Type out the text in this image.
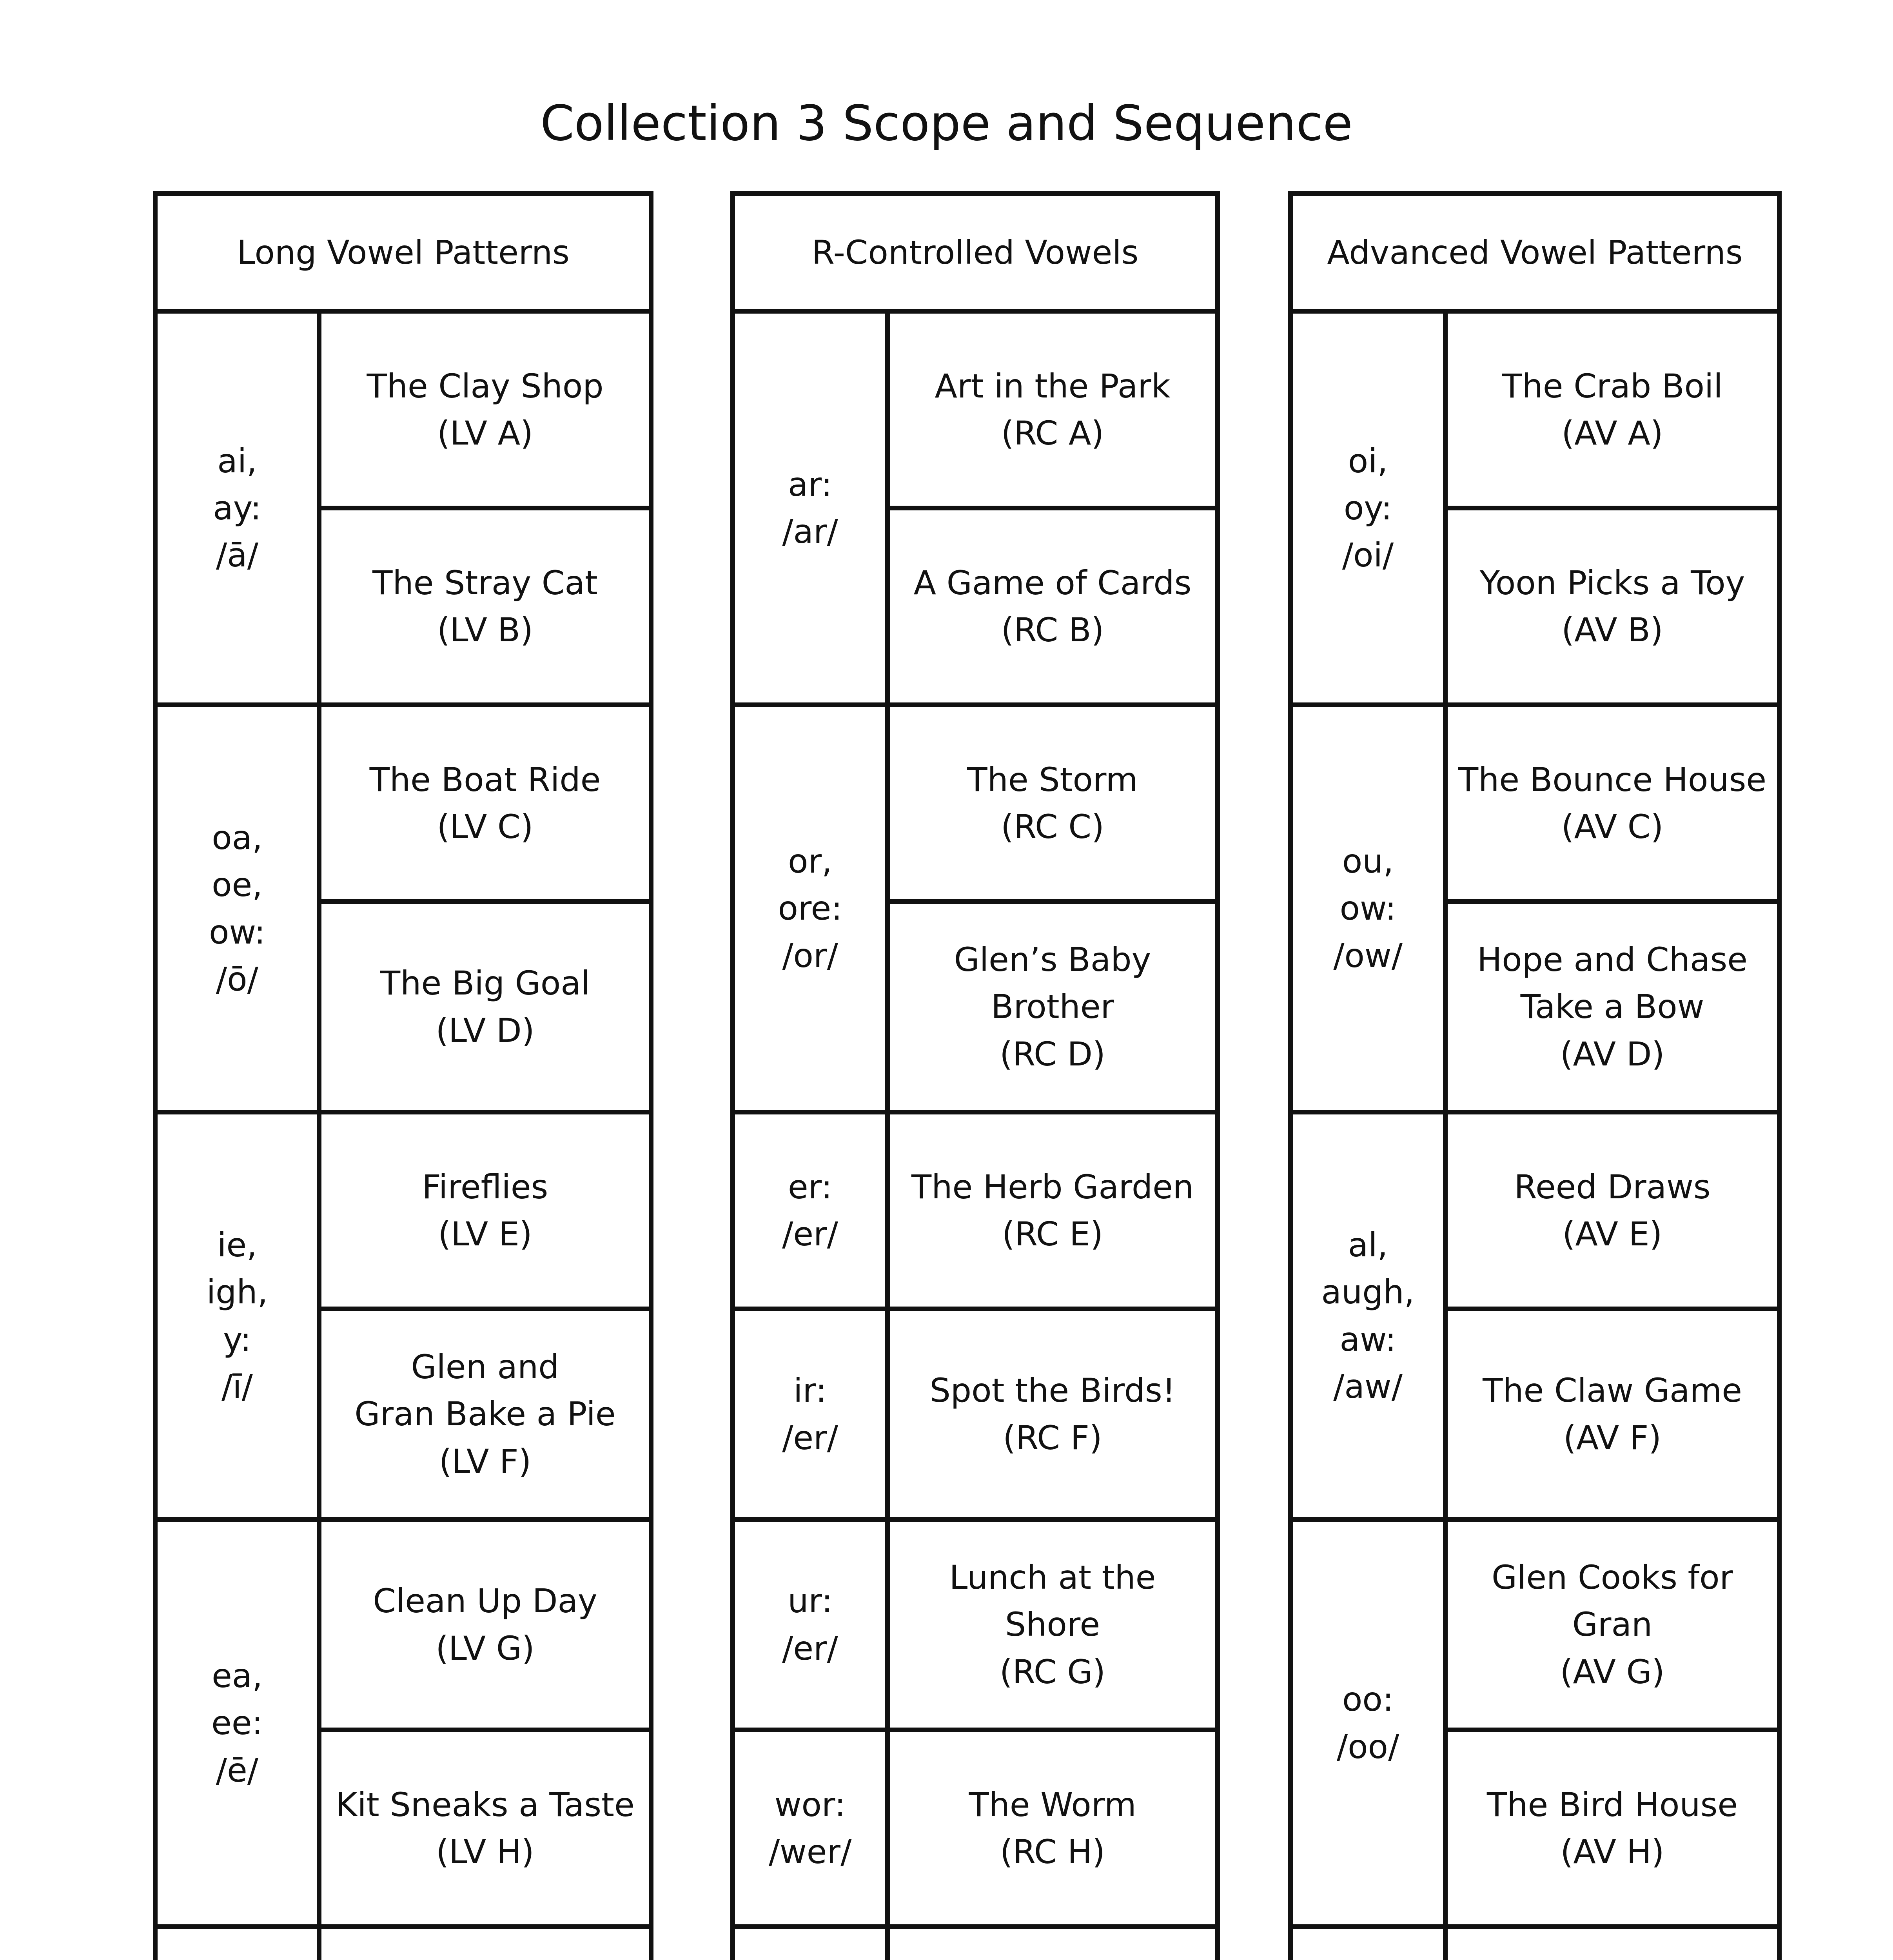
Collection 3 Scope and Sequence
Long Vowel Patterns
The Clay Shop
(LV A)
The Stray Cat
(LV B)
ai,
ay:
/ā/
The Boat Ride
(LV C)
The Big Goal
(LV D)
oa,
oe,
ow:
/ō/
Fireflies
(LV E)
Glen and
Gran Bake a Pie
(LV F)
ie,
igh,
y:
/ī/
Clean Up Day
(LV G)
Kit Sneaks a Taste
(LV H)
ea,
ee:
/ē/
R-Controlled Vowels
Art in the Park
(RC A)
A Game of Cards
(RC B)
ar:
/ar/
The Storm
(RC C)
Glen’s Baby
Brother
(RC D)
or,
ore:
/or/
The Herb Garden
(RC E)
er:
/er/
Spot the Birds!
(RC F)
ir:
/er/
Lunch at the
Shore
(RC G)
ur:
/er/
The Worm
(RC H)
wor:
/wer/
Advanced Vowel Patterns
The Crab Boil
(AV A)
Yoon Picks a Toy
(AV B)
oi,
oy:
/oi/
The Bounce House
(AV C)
Hope and Chase
Take a Bow
(AV D)
ou,
ow:
/ow/
Reed Draws
(AV E)
The Claw Game
(AV F)
al,
augh,
aw:
/aw/
Glen Cooks for
Gran
(AV G)
The Bird House
(AV H)
oo:
/oo/
